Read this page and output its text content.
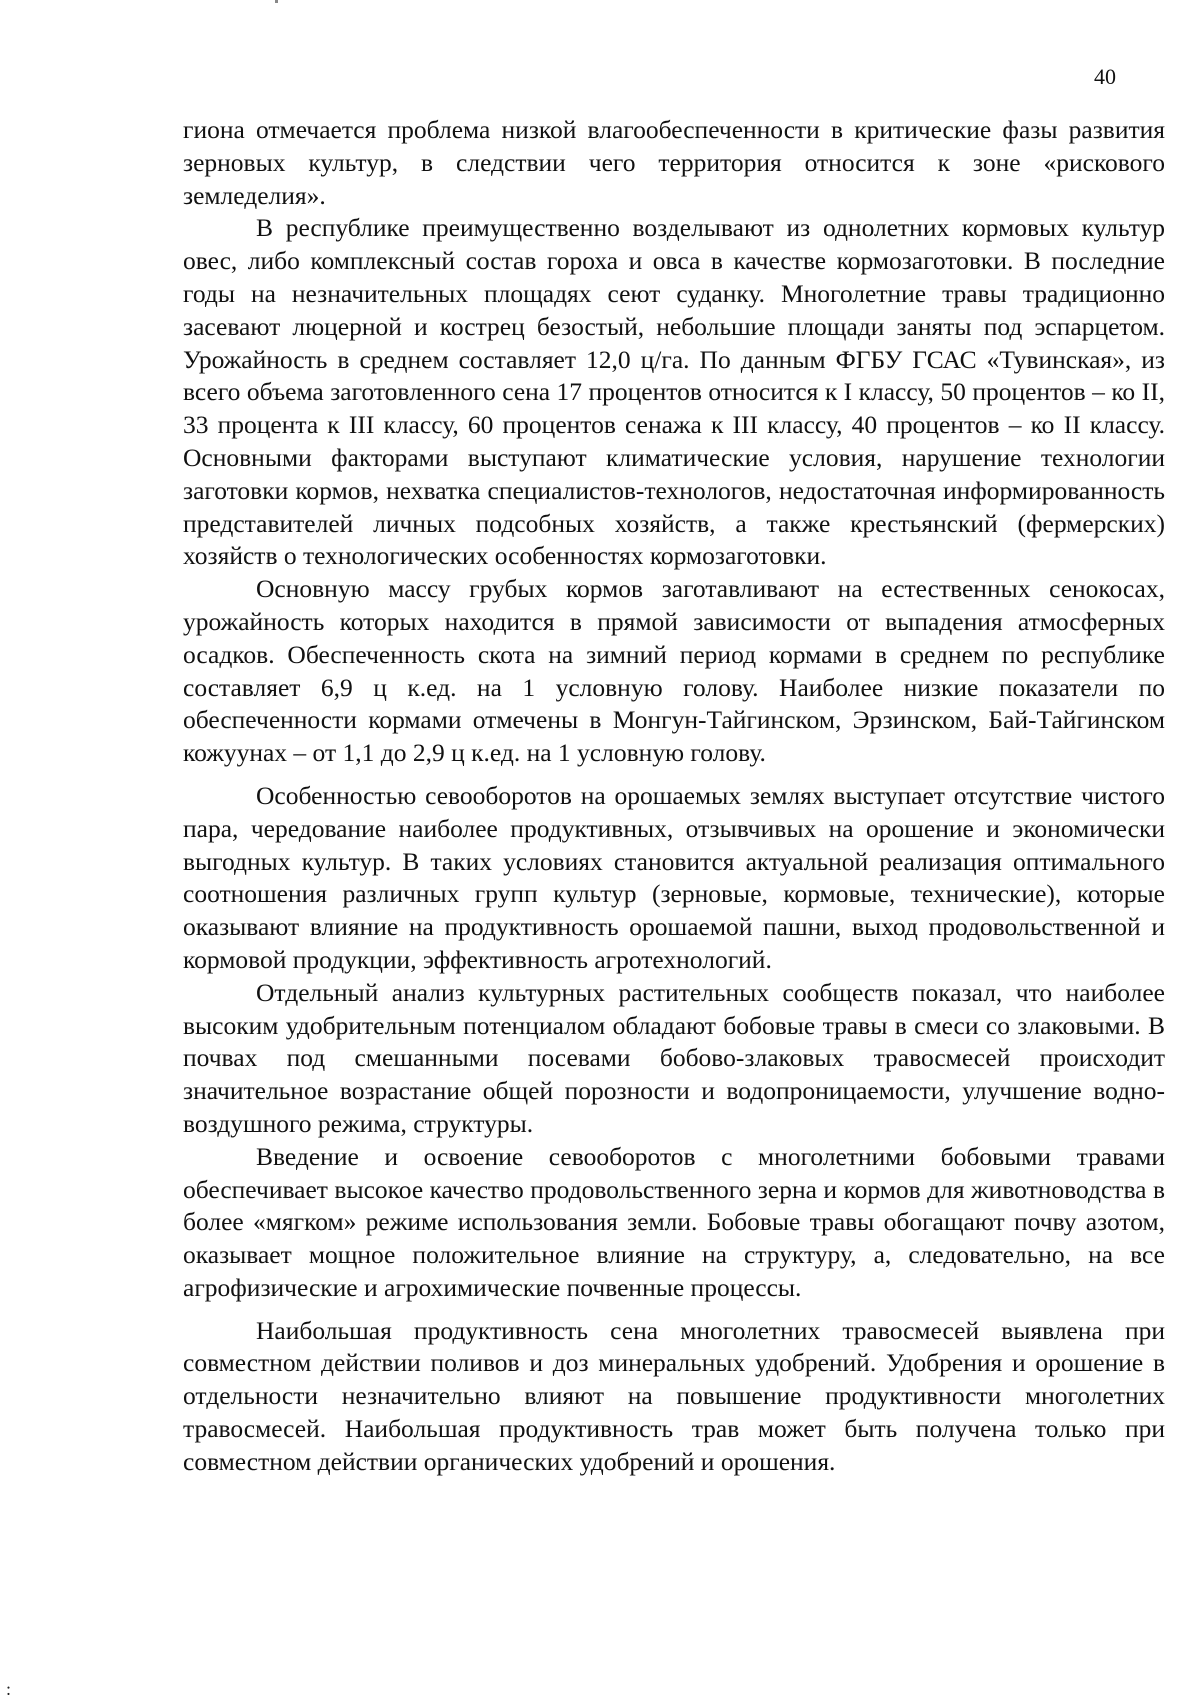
40

гиона отмечается проблема низкой влагообеспеченности в критические фазы развития зерновых культур, в следствии чего территория относится к зоне «рискового земледелия».

В республике преимущественно возделывают из однолетних кормовых культур овес, либо комплексный состав гороха и овса в качестве кормозаготовки. В последние годы на незначительных площадях сеют суданку. Многолетние травы традиционно засевают люцерной и кострец безостый, небольшие площади заняты под эспарцетом. Урожайность в среднем составляет 12,0 ц/га. По данным ФГБУ ГСАС «Тувинская», из всего объема заготовленного сена 17 процентов относится к I классу, 50 процентов – ко II, 33 процента к III классу, 60 процентов сенажа к III классу, 40 процентов – ко II классу. Основными факторами выступают климатические условия, нарушение технологии заготовки кормов, нехватка специалистов-технологов, недостаточная информированность представителей личных подсобных хозяйств, а также крестьянский (фермерских) хозяйств о технологических особенностях кормозаготовки.

Основную массу грубых кормов заготавливают на естественных сенокосах, урожайность которых находится в прямой зависимости от выпадения атмосферных осадков. Обеспеченность скота на зимний период кормами в среднем по республике составляет 6,9 ц к.ед. на 1 условную голову. Наиболее низкие показатели по обеспеченности кормами отмечены в Монгун-Тайгинском, Эрзинском, Бай-Тайгинском кожуунах – от 1,1 до 2,9 ц к.ед. на 1 условную голову.

Особенностью севооборотов на орошаемых землях выступает отсутствие чистого пара, чередование наиболее продуктивных, отзывчивых на орошение и экономически выгодных культур. В таких условиях становится актуальной реализация оптимального соотношения различных групп культур (зерновые, кормовые, технические), которые оказывают влияние на продуктивность орошаемой пашни, выход продовольственной и кормовой продукции, эффективность агротехнологий.

Отдельный анализ культурных растительных сообществ показал, что наиболее высоким удобрительным потенциалом обладают бобовые травы в смеси со злаковыми. В почвах под смешанными посевами бобово-злаковых травосмесей происходит значительное возрастание общей порозности и водопроницаемости, улучшение водно-воздушного режима, структуры.

Введение и освоение севооборотов с многолетними бобовыми травами обеспечивает высокое качество продовольственного зерна и кормов для животноводства в более «мягком» режиме использования земли. Бобовые травы обогащают почву азотом, оказывает мощное положительное влияние на структуру, а, следовательно, на все агрофизические и агрохимические почвенные процессы.

Наибольшая продуктивность сена многолетних травосмесей выявлена при совместном действии поливов и доз минеральных удобрений. Удобрения и орошение в отдельности незначительно влияют на повышение продуктивности многолетних травосмесей. Наибольшая продуктивность трав может быть получена только при совместном действии органических удобрений и орошения.

:
